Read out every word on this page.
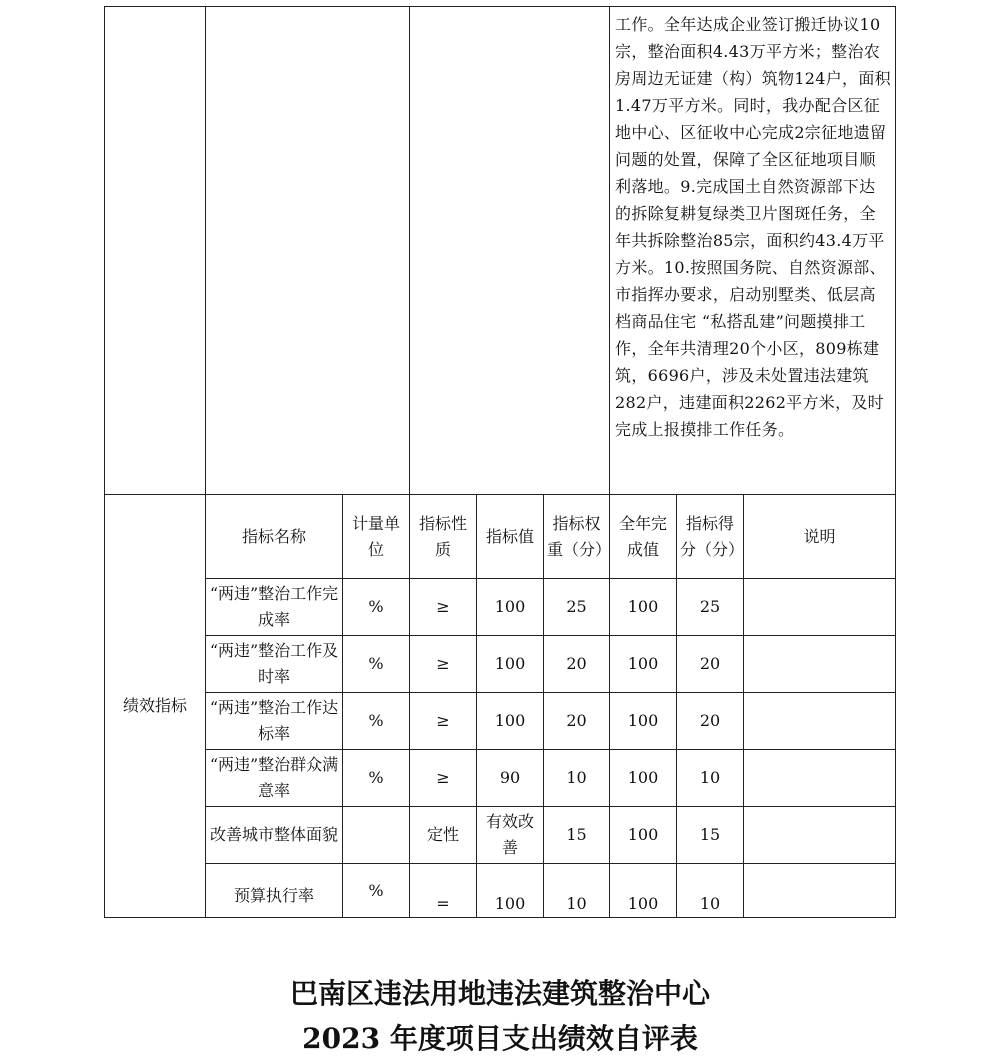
						工作。全年达成企业签订搬迁协议10宗，整治面积4.43万平方米；整治农房周边无证建（构）筑物124户，面积1.47万平方米。同时，我办配合区征地中心、区征收中心完成2宗征地遗留问题的处置，保障了全区征地项目顺利落地。9.完成国土自然资源部下达的拆除复耕复绿类卫片图斑任务，全年共拆除整治85宗，面积约43.4万平方米。10.按照国务院、自然资源部、市指挥办要求，启动别墅类、低层高档商品住宅 “私搭乱建”问题摸排工作，全年共清理20个小区，809栋建筑，6696户，涉及未处置违法建筑282户，违建面积2262平方米，及时完成上报摸排工作任务。		
绩效指标	指标名称	计量单位	指标性质	指标值	指标权重（分）	全年完成值	指标得分（分）	说明

	“两违”整治工作完成率	%	≥	100	25	100	25	

	“两违”整治工作及时率	%	≥	100	20	100	20	

	“两违”整治工作达标率	%	≥	100	20	100	20	

	“两违”整治群众满意率	%	≥	90	10	100	10	

	改善城市整体面貌		定性	有效改善	15	100	15	

	预算执行率	%	=	100	10	100	10	

巴南区违法用地违法建筑整治中心
2023 年度项目支出绩效自评表
